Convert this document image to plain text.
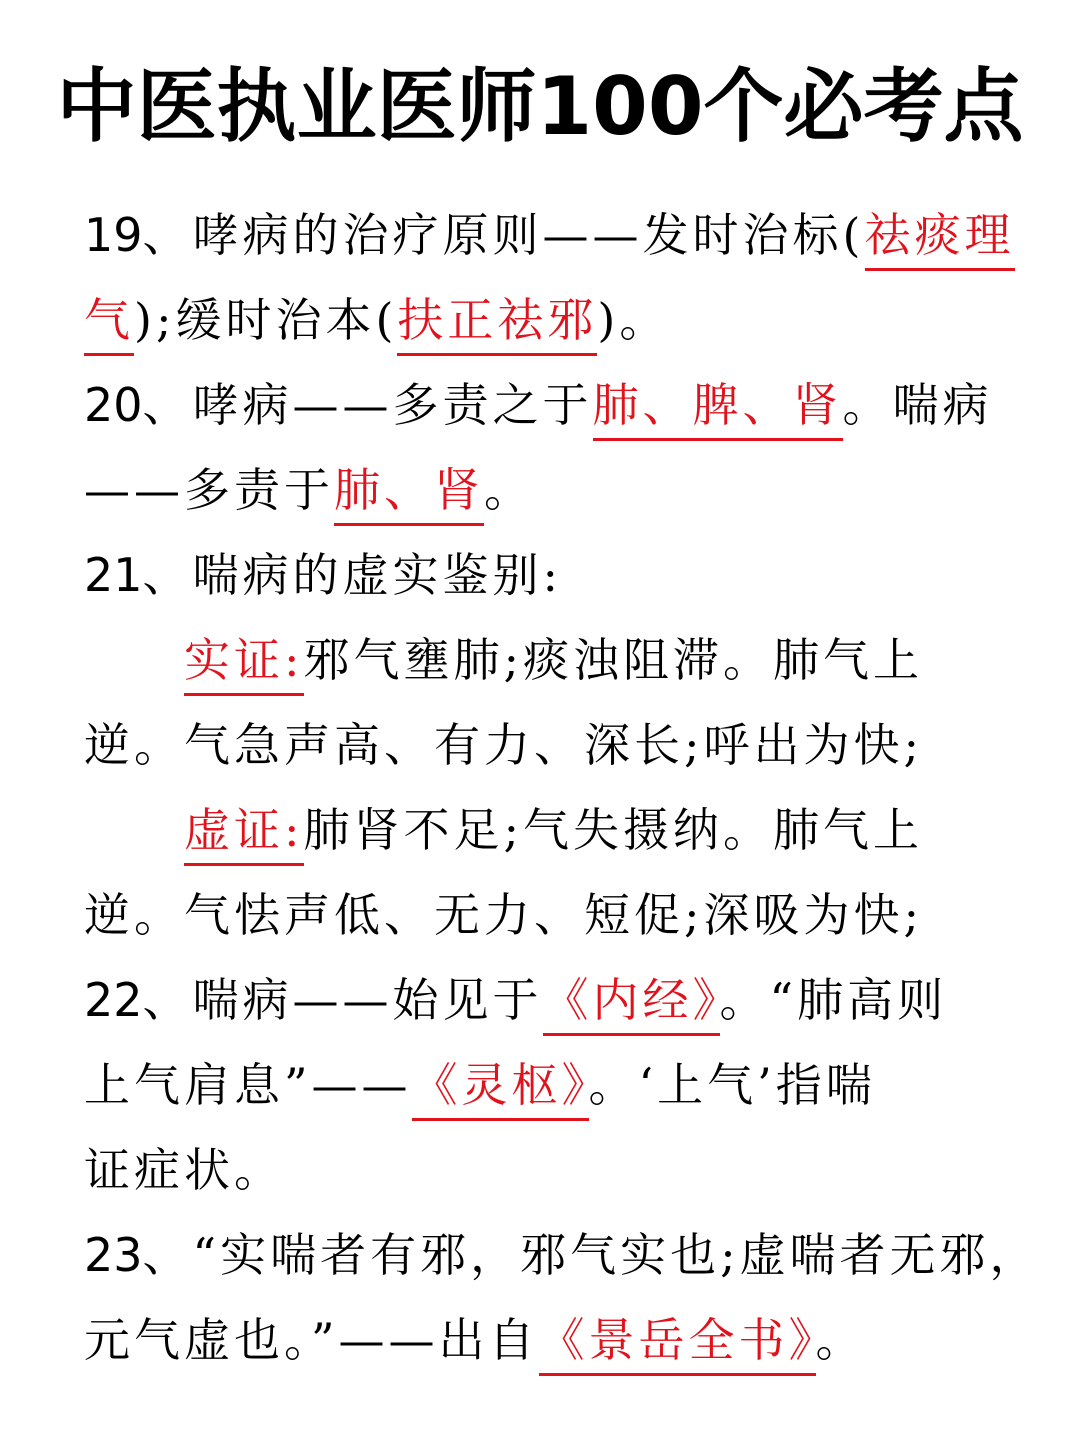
中医执业医师100个必考点
19、哮病的治疗原则——发时治标(祛痰理
气);缓时治本(扶正祛邪)。
20、哮病——多责之于肺、脾、肾。喘病
——多责于肺、肾。
21、喘病的虚实鉴别:
实证:邪气壅肺;痰浊阻滞。肺气上
逆。气急声高、有力、深长;呼出为快;
虚证:肺肾不足;气失摄纳。肺气上
逆。气怯声低、无力、短促;深吸为快;
22、喘病——始见于《内经》。“肺高则
上气肩息”——《灵枢》。‘上气’指喘
证症状。
23、“实喘者有邪，邪气实也;虚喘者无邪，
元气虚也。”——出自《景岳全书》。
